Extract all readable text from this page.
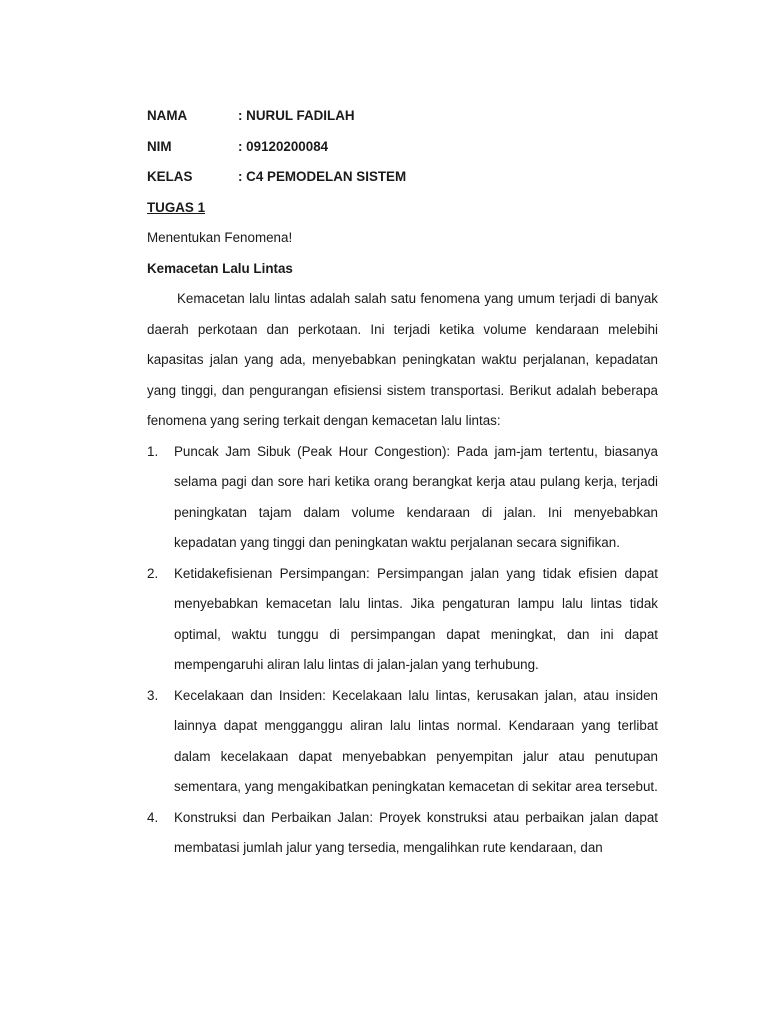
NAMA	: NURUL FADILAH
NIM	: 09120200084
KELAS	: C4 PEMODELAN SISTEM
TUGAS 1
Menentukan Fenomena!
Kemacetan Lalu Lintas

Kemacetan lalu lintas adalah salah satu fenomena yang umum terjadi di banyak daerah perkotaan dan perkotaan. Ini terjadi ketika volume kendaraan melebihi kapasitas jalan yang ada, menyebabkan peningkatan waktu perjalanan, kepadatan yang tinggi, dan pengurangan efisiensi sistem transportasi. Berikut adalah beberapa fenomena yang sering terkait dengan kemacetan lalu lintas:

1. Puncak Jam Sibuk (Peak Hour Congestion): Pada jam-jam tertentu, biasanya selama pagi dan sore hari ketika orang berangkat kerja atau pulang kerja, terjadi peningkatan tajam dalam volume kendaraan di jalan. Ini menyebabkan kepadatan yang tinggi dan peningkatan waktu perjalanan secara signifikan.
2. Ketidakefisienan Persimpangan: Persimpangan jalan yang tidak efisien dapat menyebabkan kemacetan lalu lintas. Jika pengaturan lampu lalu lintas tidak optimal, waktu tunggu di persimpangan dapat meningkat, dan ini dapat mempengaruhi aliran lalu lintas di jalan-jalan yang terhubung.
3. Kecelakaan dan Insiden: Kecelakaan lalu lintas, kerusakan jalan, atau insiden lainnya dapat mengganggu aliran lalu lintas normal. Kendaraan yang terlibat dalam kecelakaan dapat menyebabkan penyempitan jalur atau penutupan sementara, yang mengakibatkan peningkatan kemacetan di sekitar area tersebut.
4. Konstruksi dan Perbaikan Jalan: Proyek konstruksi atau perbaikan jalan dapat membatasi jumlah jalur yang tersedia, mengalihkan rute kendaraan, dan
